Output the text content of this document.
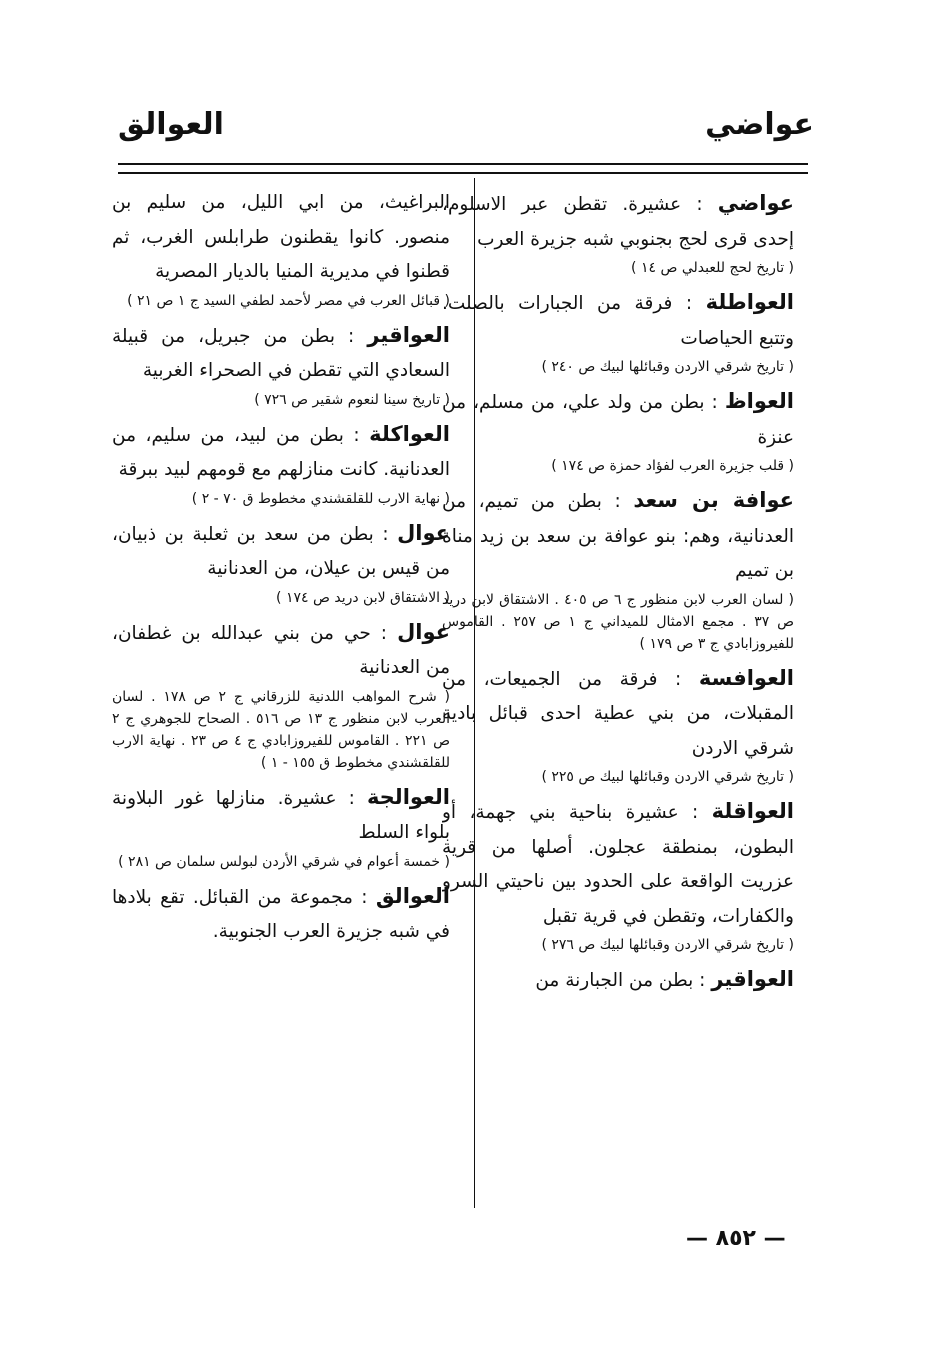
عواضي
العوالق

عواضي : عشيرة. تقطن عبر الاسلوم، إحدى قرى لحج بجنوبي شبه جزيرة العرب

( تاريخ لحج للعبدلي ص ١٤ )

العواطلة : فرقة من الجبارات بالصلت. وتتبع الحياصات

( تاريخ شرقي الاردن وقبائلها لبيك ص ٢٤٠ )

العواظ : بطن من ولد علي، من مسلم، من عنزة

( قلب جزيرة العرب لفؤاد حمزة ص ١٧٤ )

عوافة بن سعد : بطن من تميم، من العدنانية، وهم: بنو عوافة بن سعد بن زيد مناة بن تميم

( لسان العرب لابن منظور ج ٦ ص ٤٠٥ . الاشتقاق لابن دريد ص ٣٧ . مجمع الامثال للميداني ج ١ ص ٢٥٧ . القاموس للفيروزابادي ج ٣ ص ١٧٩ )

العوافسة : فرقة من الجميعات، من المقبلات، من بني عطية احدى قبائل بادية شرقي الاردن

( تاريخ شرقي الاردن وقبائلها لبيك ص ٢٢٥ )

العواقلة : عشيرة بناحية بني جهمة، أو البطون، بمنطقة عجلون. أصلها من قرية عزريت الواقعة على الحدود بين ناحيتي السرو والكفارات، وتقطن في قرية تقبل

( تاريخ شرقي الاردن وقبائلها لبيك ص ٢٧٦ )

العواقير : بطن من الجبارنة من

البراغيث، من ابي الليل، من سليم بن منصور. كانوا يقطنون طرابلس الغرب، ثم قطنوا في مديرية المنيا بالديار المصرية

( قبائل العرب في مصر لأحمد لطفي السيد ج ١ ص ٢١ )

العواقير : بطن من جبريل، من قبيلة السعادي التي تقطن في الصحراء الغربية

( تاريخ سينا لنعوم شقير ص ٧٢٦ )

العواكلة : بطن من لبيد، من سليم، من العدنانية. كانت منازلهم مع قومهم لبيد ببرقة

( نهاية الارب للقلقشندي مخطوط ق ٧٠ - ٢ )

عوال : بطن من سعد بن ثعلبة بن ذبيان، من قيس بن عيلان، من العدنانية

( الاشتقاق لابن دريد ص ١٧٤ )

عوال : حي من بني عبدالله بن غطفان، من العدنانية

( شرح المواهب اللدنية للزرقاني ج ٢ ص ١٧٨ . لسان العرب لابن منظور ج ١٣ ص ٥١٦ . الصحاح للجوهري ج ٢ ص ٢٢١ . القاموس للفيروزابادي ج ٤ ص ٢٣ . نهاية الارب للقلقشندي مخطوط ق ١٥٥ - ١ )

العوالجة : عشيرة. منازلها غور البلاونة بلواء السلط

( خمسة أعوام في شرقي الأردن لبولس سلمان ص ٢٨١ )

العوالق : مجموعة من القبائل. تقع بلادها في شبه جزيرة العرب الجنوبية.

— ٨٥٢ —
